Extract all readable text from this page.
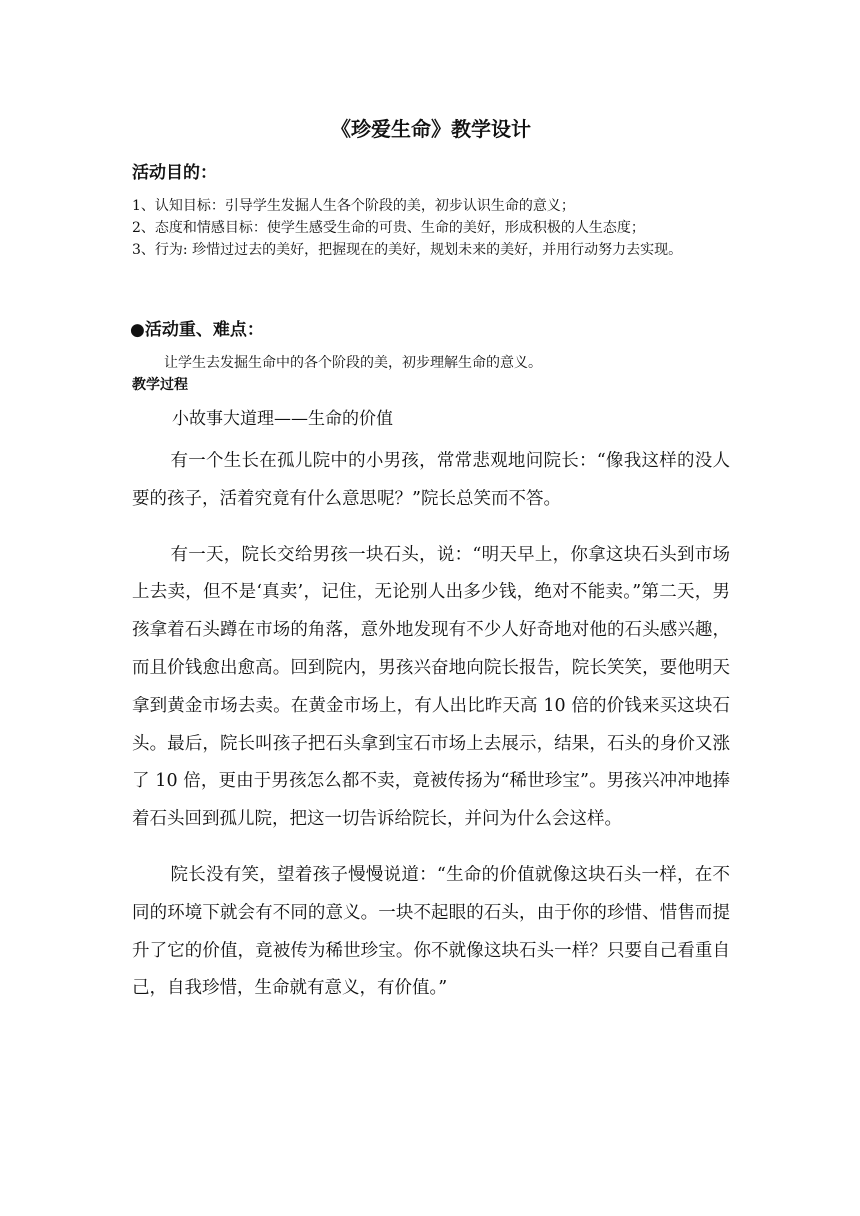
《珍爱生命》教学设计
活动目的：
1、认知目标：引导学生发掘人生各个阶段的美，初步认识生命的意义；
2、态度和情感目标：使学生感受生命的可贵、生命的美好，形成积极的人生态度；
3、行为: 珍惜过过去的美好，把握现在的美好，规划未来的美好，并用行动努力去实现。
●活动重、难点：
让学生去发掘生命中的各个阶段的美，初步理解生命的意义。
教学过程
小故事大道理——生命的价值

有一个生长在孤儿院中的小男孩，常常悲观地问院长：“像我这样的没人要的孩子，活着究竟有什么意思呢？”院长总笑而不答。

有一天，院长交给男孩一块石头，说：“明天早上，你拿这块石头到市场上去卖，但不是‘真卖’，记住，无论别人出多少钱，绝对不能卖。”第二天，男孩拿着石头蹲在市场的角落，意外地发现有不少人好奇地对他的石头感兴趣，而且价钱愈出愈高。回到院内，男孩兴奋地向院长报告，院长笑笑，要他明天拿到黄金市场去卖。在黄金市场上，有人出比昨天高 10 倍的价钱来买这块石头。最后，院长叫孩子把石头拿到宝石市场上去展示，结果，石头的身价又涨了 10 倍，更由于男孩怎么都不卖，竟被传扬为“稀世珍宝”。男孩兴冲冲地捧着石头回到孤儿院，把这一切告诉给院长，并问为什么会这样。

院长没有笑，望着孩子慢慢说道：“生命的价值就像这块石头一样，在不同的环境下就会有不同的意义。一块不起眼的石头，由于你的珍惜、惜售而提升了它的价值，竟被传为稀世珍宝。你不就像这块石头一样？只要自己看重自己，自我珍惜，生命就有意义，有价值。”
